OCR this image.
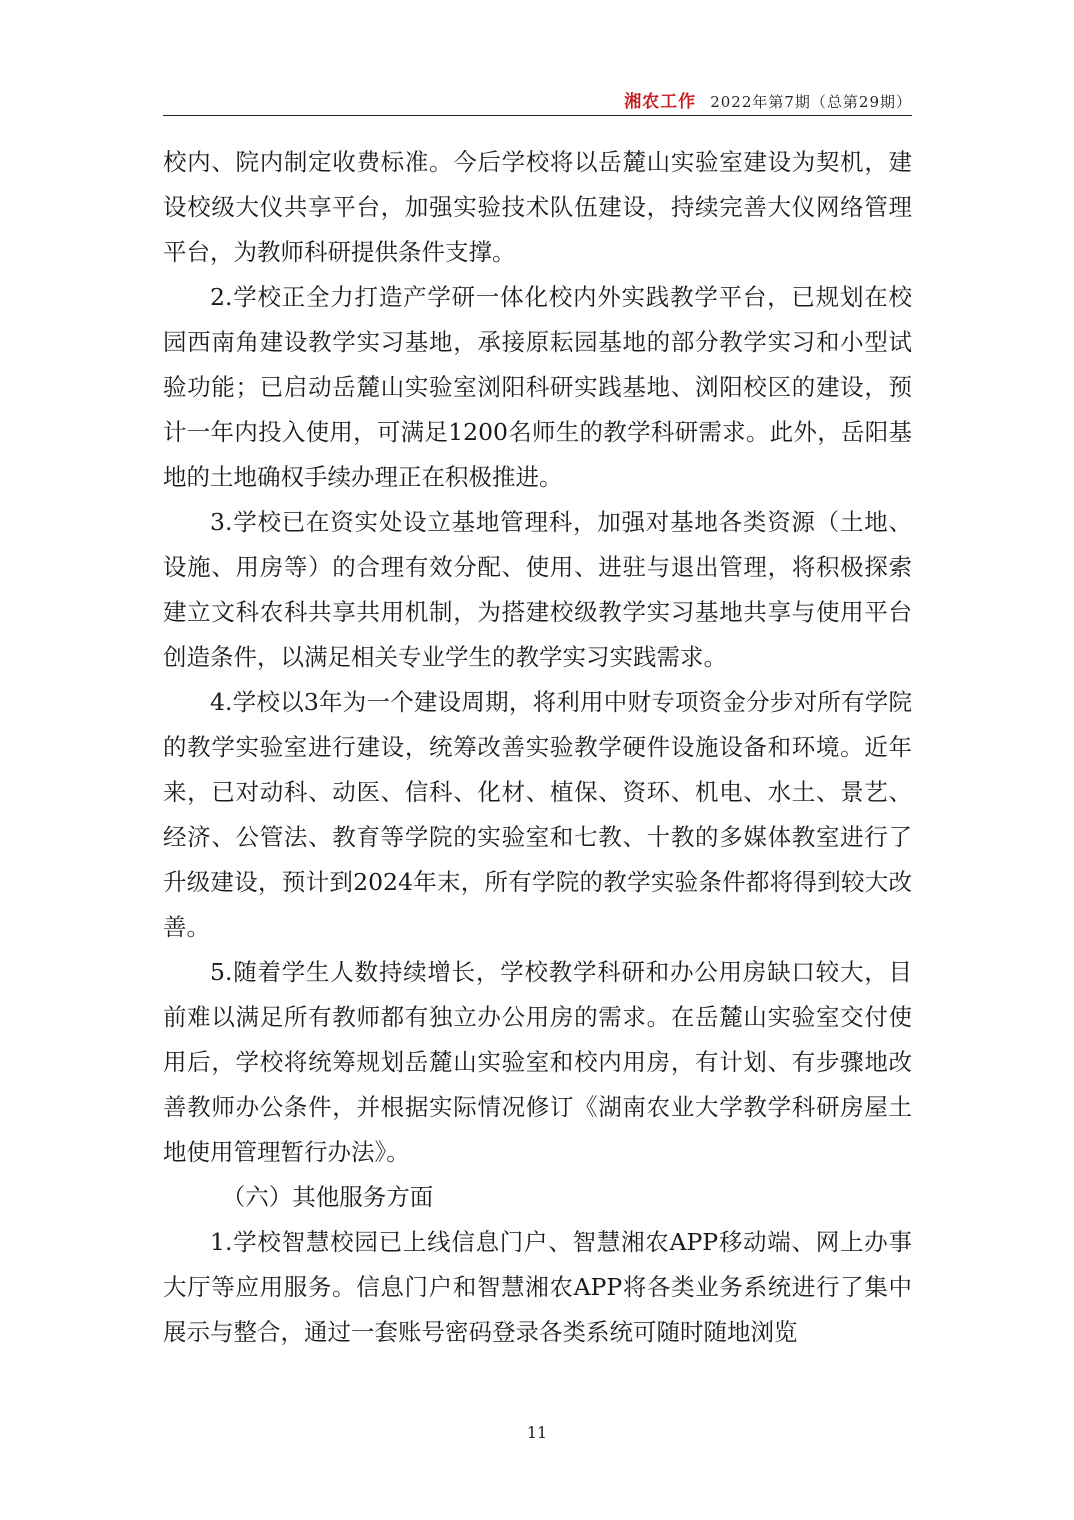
湘农工作 2022年第7期（总第29期）

校内、院内制定收费标准。今后学校将以岳麓山实验室建设为契机，建设校级大仪共享平台，加强实验技术队伍建设，持续完善大仪网络管理平台，为教师科研提供条件支撑。

2.学校正全力打造产学研一体化校内外实践教学平台，已规划在校园西南角建设教学实习基地，承接原耘园基地的部分教学实习和小型试验功能；已启动岳麓山实验室浏阳科研实践基地、浏阳校区的建设，预计一年内投入使用，可满足1200名师生的教学科研需求。此外，岳阳基地的土地确权手续办理正在积极推进。

3.学校已在资实处设立基地管理科，加强对基地各类资源（土地、设施、用房等）的合理有效分配、使用、进驻与退出管理，将积极探索建立文科农科共享共用机制，为搭建校级教学实习基地共享与使用平台创造条件，以满足相关专业学生的教学实习实践需求。

4.学校以3年为一个建设周期，将利用中财专项资金分步对所有学院的教学实验室进行建设，统筹改善实验教学硬件设施设备和环境。近年来，已对动科、动医、信科、化材、植保、资环、机电、水土、景艺、经济、公管法、教育等学院的实验室和七教、十教的多媒体教室进行了升级建设，预计到2024年末，所有学院的教学实验条件都将得到较大改善。

5.随着学生人数持续增长，学校教学科研和办公用房缺口较大，目前难以满足所有教师都有独立办公用房的需求。在岳麓山实验室交付使用后，学校将统筹规划岳麓山实验室和校内用房，有计划、有步骤地改善教师办公条件，并根据实际情况修订《湖南农业大学教学科研房屋土地使用管理暂行办法》。

（六）其他服务方面

1.学校智慧校园已上线信息门户、智慧湘农APP移动端、网上办事大厅等应用服务。信息门户和智慧湘农APP将各类业务系统进行了集中展示与整合，通过一套账号密码登录各类系统可随时随地浏览

11
